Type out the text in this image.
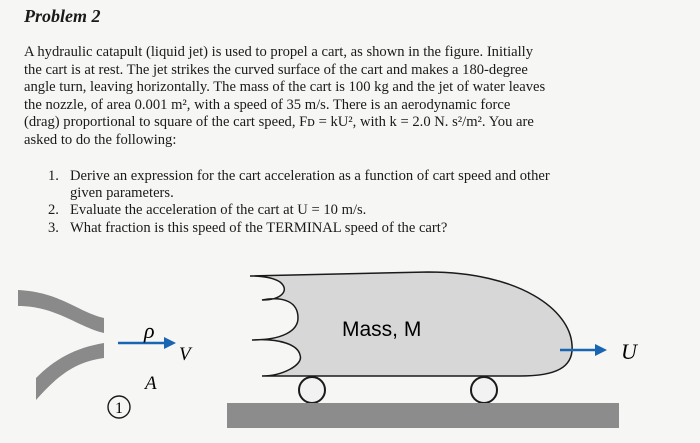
Problem 2
A hydraulic catapult (liquid jet) is used to propel a cart, as shown in the figure. Initially
the cart is at rest. The jet strikes the curved surface of the cart and makes a 180-degree
angle turn, leaving horizontally. The mass of the cart is 100 kg and the jet of water leaves
the nozzle, of area 0.001 m², with a speed of 35 m/s. There is an aerodynamic force
(drag) proportional to square of the cart speed, Fᴅ = kU², with k = 2.0 N. s²/m². You are
asked to do the following:
1. Derive an expression for the cart acceleration as a function of cart speed and other
given parameters.
2. Evaluate the acceleration of the cart at U = 10 m/s.
3. What fraction is this speed of the TERMINAL speed of the cart?
ρ
V
A
1
Mass, M
U
